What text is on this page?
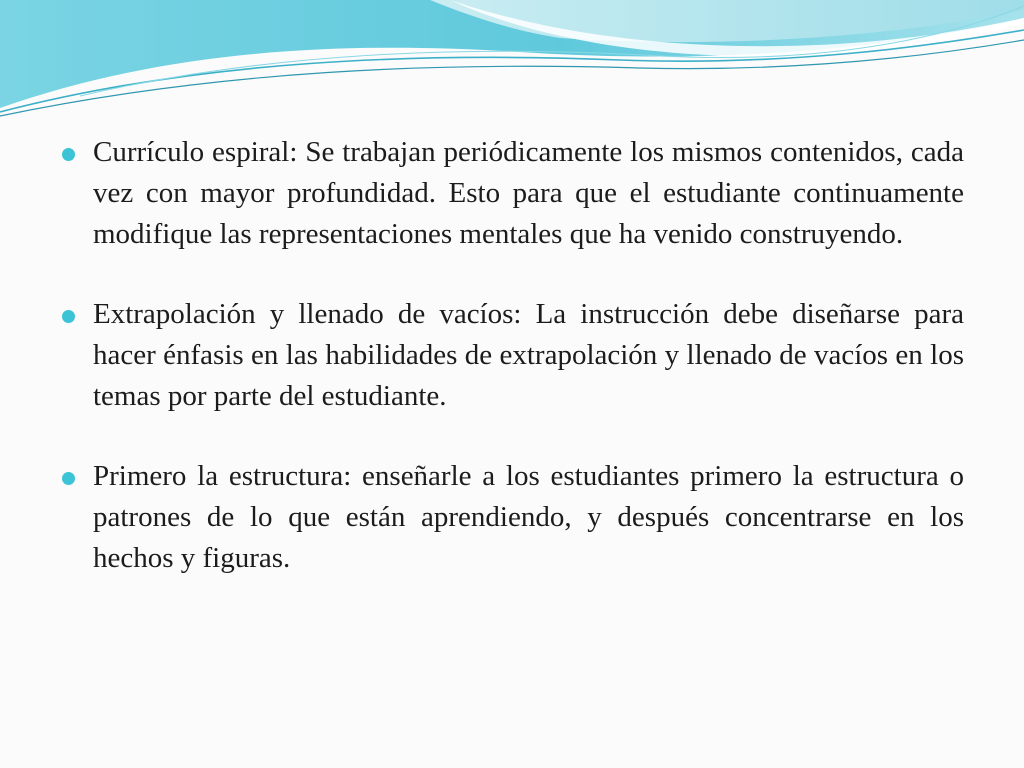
Currículo espiral: Se trabajan periódicamente los mismos contenidos, cada vez con mayor profundidad. Esto para que el estudiante continuamente modifique las representaciones mentales que ha venido construyendo.

Extrapolación y llenado de vacíos: La instrucción debe diseñarse para hacer énfasis en las habilidades de extrapolación y llenado de vacíos en los temas por parte del estudiante.

Primero la estructura: enseñarle a los estudiantes primero la estructura o patrones de lo que están aprendiendo, y después concentrarse en los hechos y figuras.
